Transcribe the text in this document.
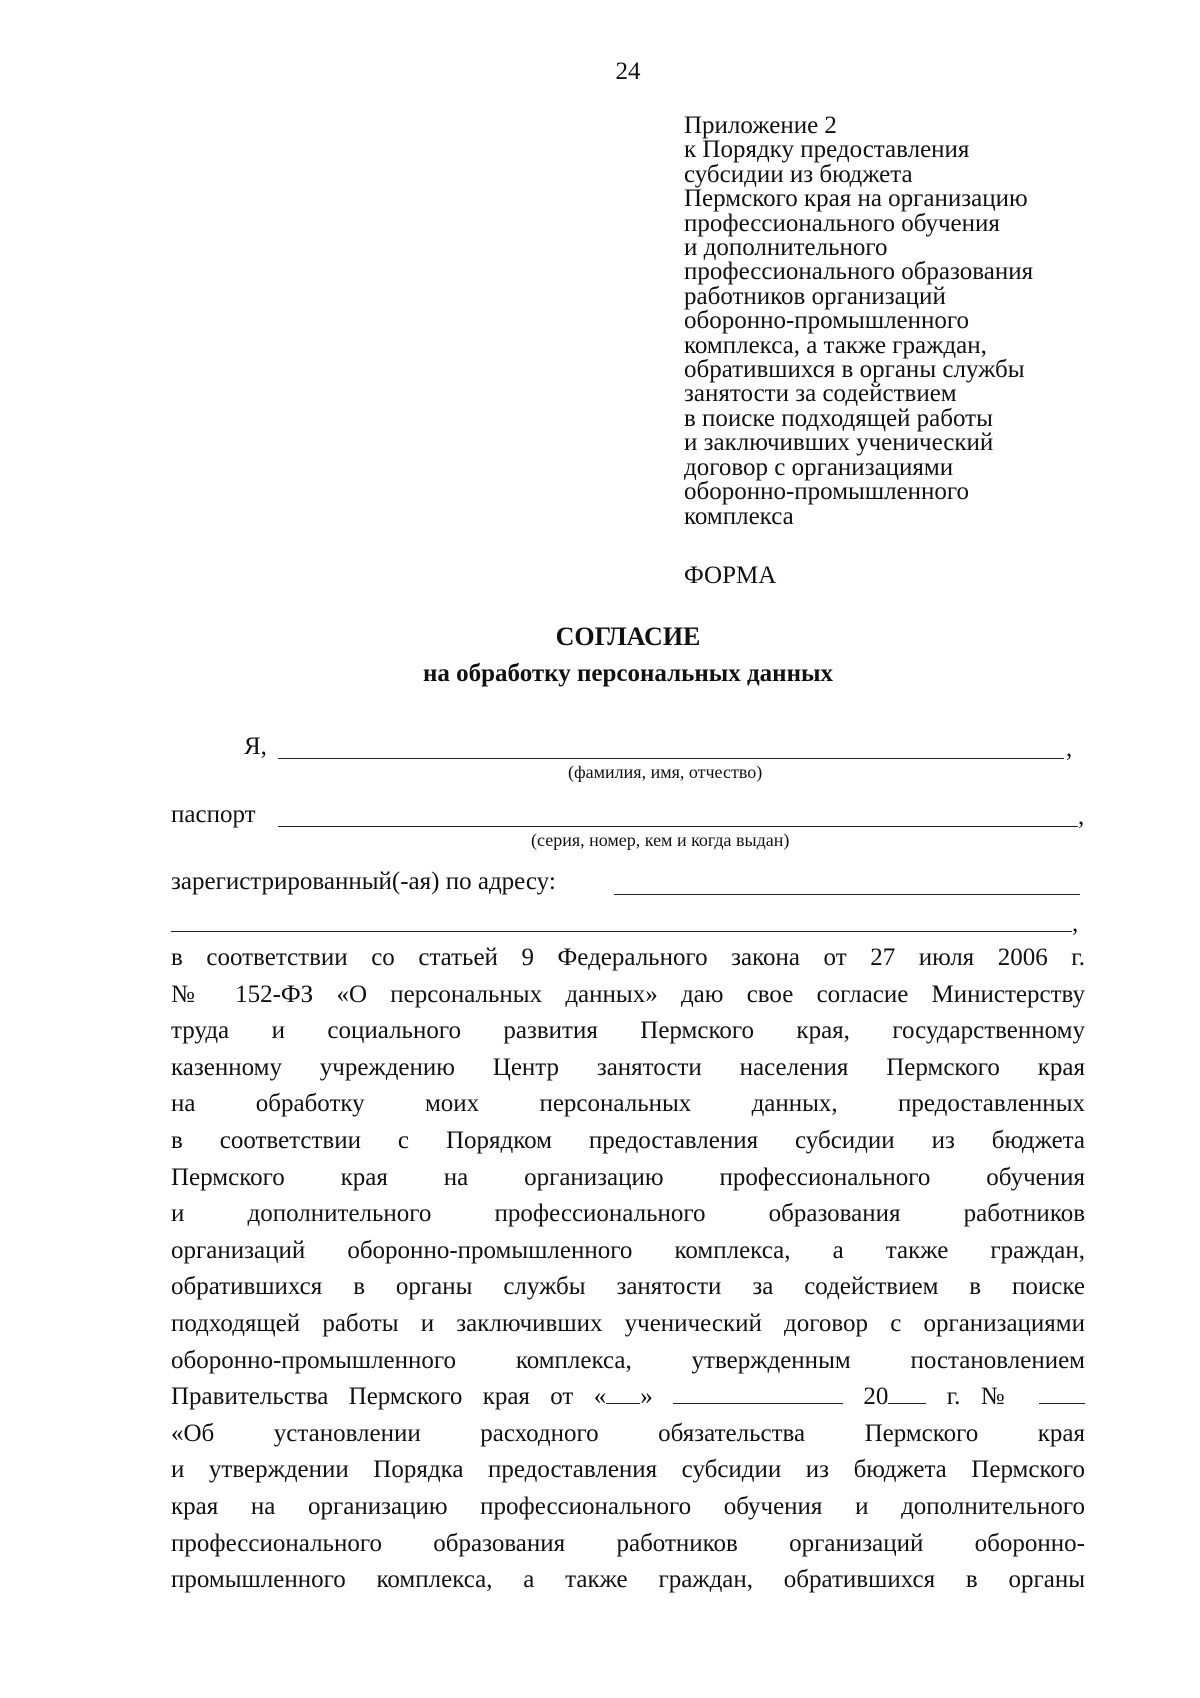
24
Приложение 2
к Порядку предоставления
субсидии из бюджета
Пермского края на организацию
профессионального обучения
и дополнительного
профессионального образования
работников организаций
оборонно-промышленного
комплекса, а также граждан,
обратившихся в органы службы
занятости за содействием
в поиске подходящей работы
и заключивших ученический
договор с организациями
оборонно-промышленного
комплекса
ФОРМА
СОГЛАСИЕ
на обработку персональных данных
Я,	,
(фамилия, имя, отчество)
паспорт	,
(серия, номер, кем и когда выдан)
зарегистрированный(-ая) по адресу:
,
в соответствии со статьей 9 Федерального закона от 27 июля 2006 г.
№ 152-ФЗ «О персональных данных» даю свое согласие Министерству
труда и социального развития Пермского края, государственному
казенному учреждению Центр занятости населения Пермского края
на обработку моих персональных данных, предоставленных
в соответствии с Порядком предоставления субсидии из бюджета
Пермского края на организацию профессионального обучения
и дополнительного профессионального образования работников
организаций оборонно-промышленного комплекса, а также граждан,
обратившихся в органы службы занятости за содействием в поиске
подходящей работы и заключивших ученический договор с организациями
оборонно-промышленного комплекса, утвержденным постановлением
Правительства Пермского края от « »	20 г. №
«Об установлении расходного обязательства Пермского края
и утверждении Порядка предоставления субсидии из бюджета Пермского
края на организацию профессионального обучения и дополнительного
профессионального образования работников организаций оборонно-
промышленного комплекса, а также граждан, обратившихся в органы
